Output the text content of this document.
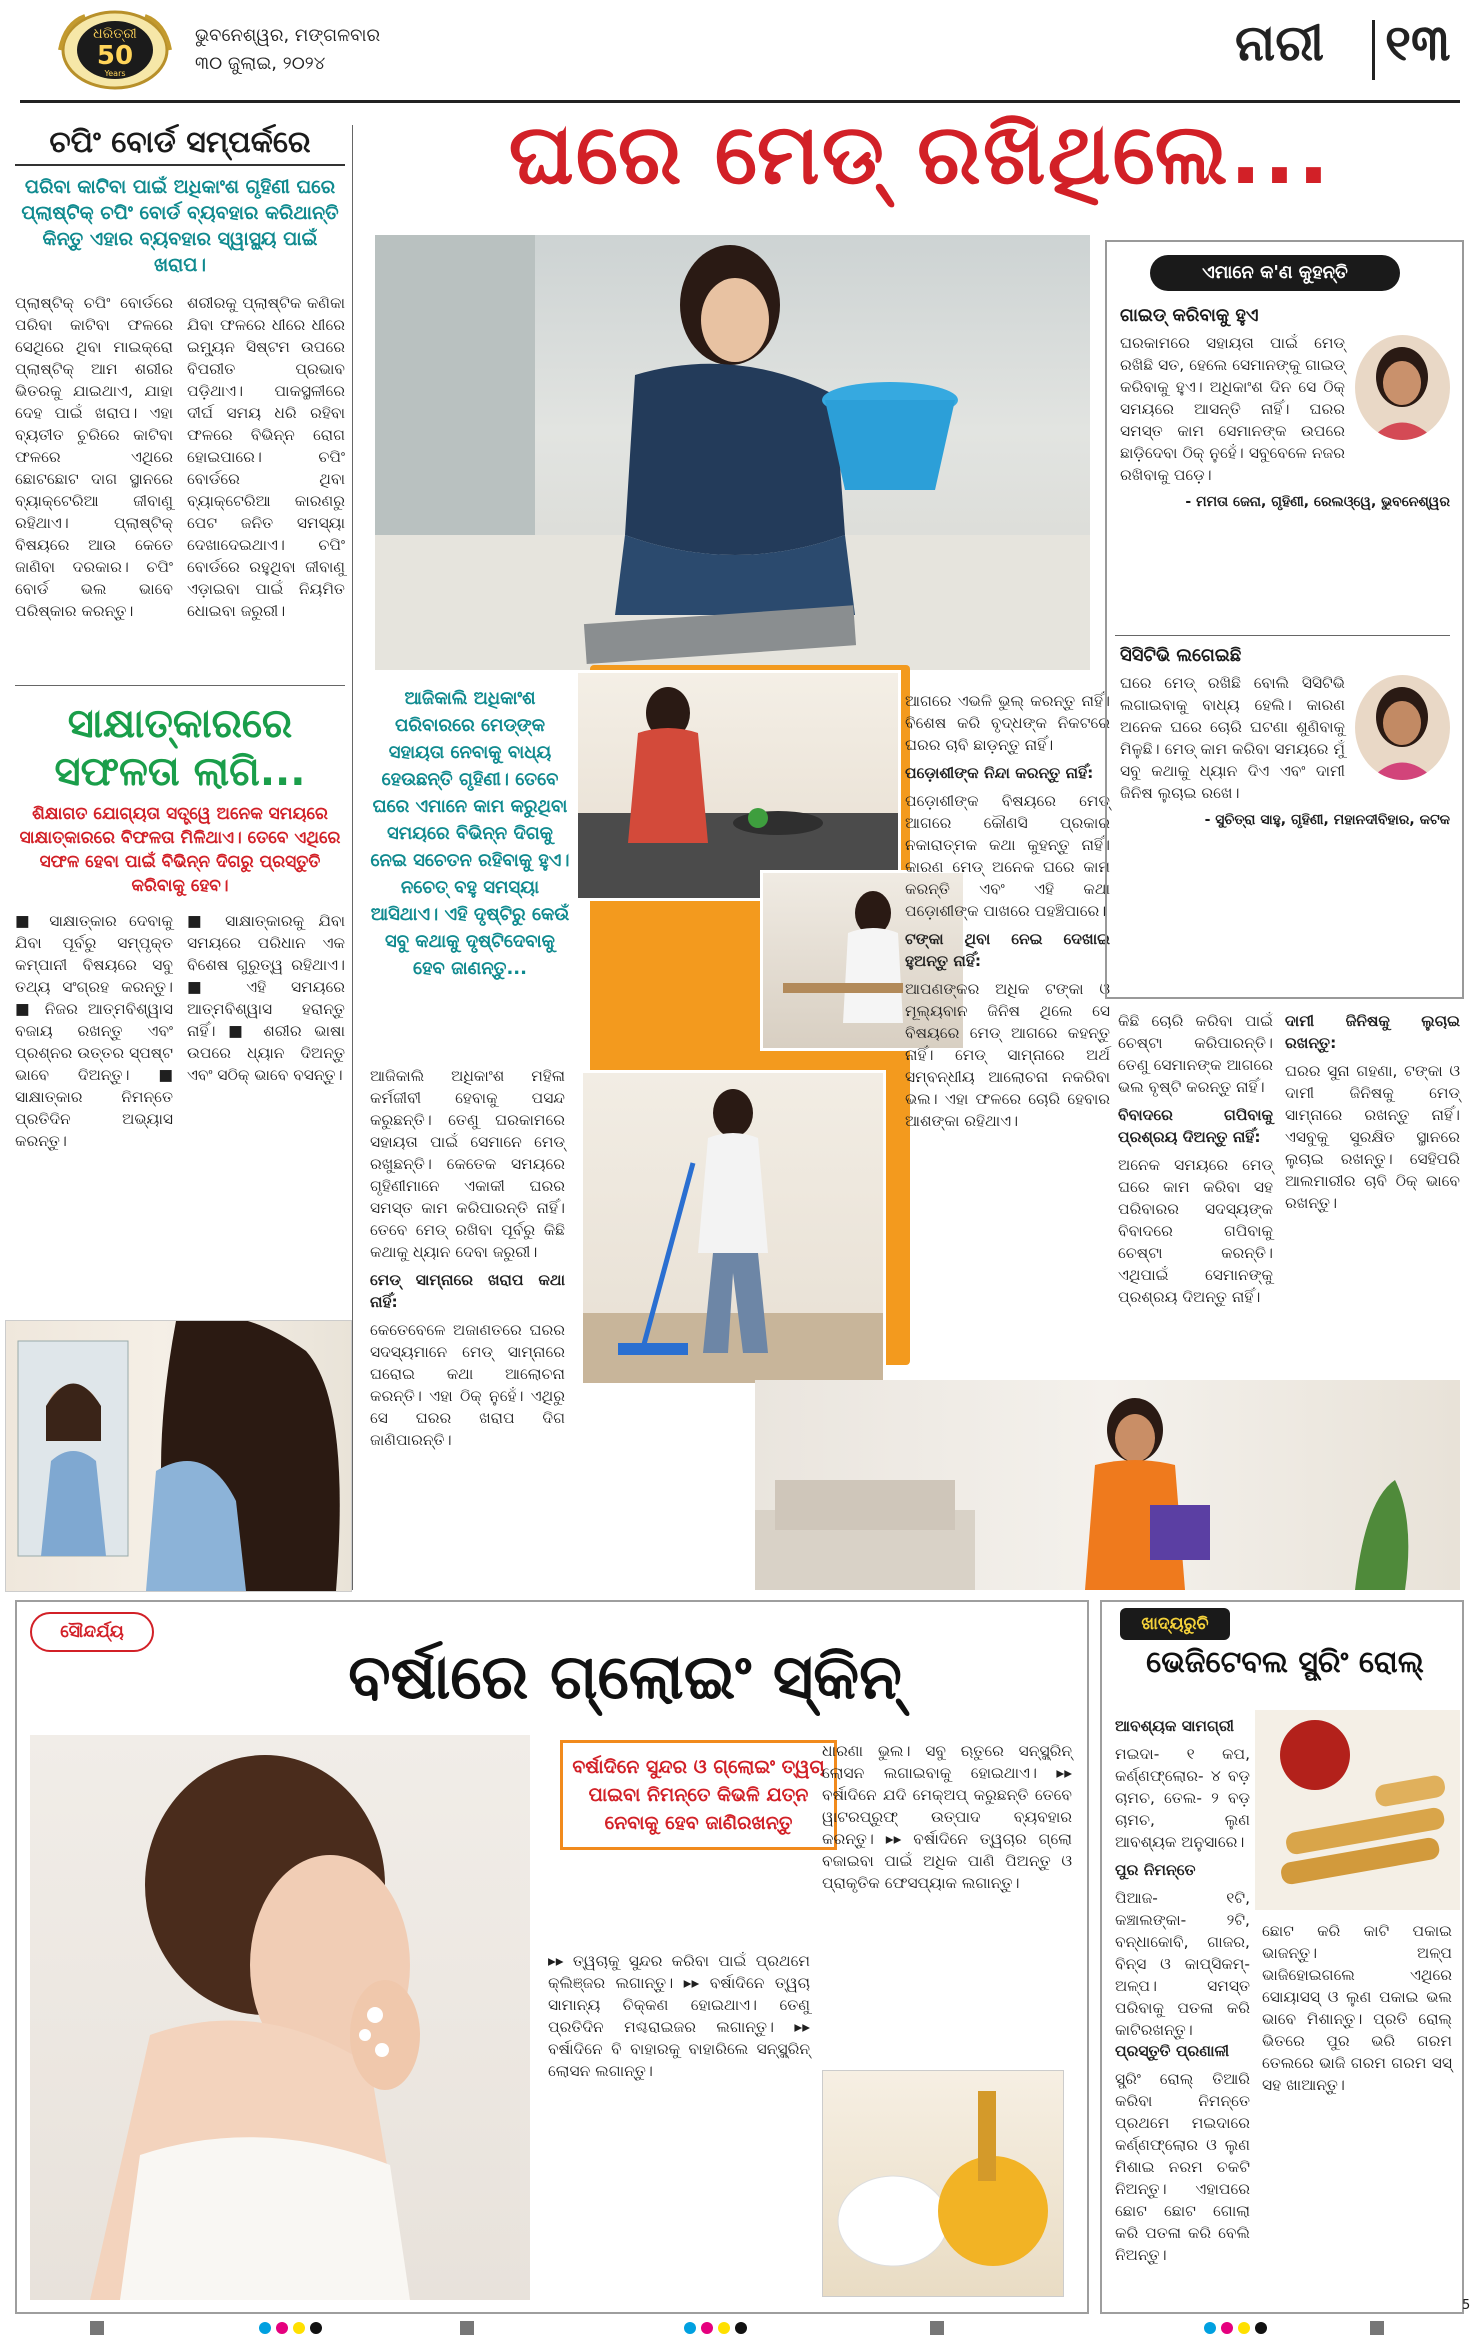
ଧରିତ୍ରୀ
50
Years
ଭୁବନେଶ୍ୱର, ମଙ୍ଗଳବାର
୩୦ ଜୁଲାଇ, ୨୦୨୪	ନାରୀ ୧୩
ଚପିଂ ବୋର୍ଡ ସମ୍ପର୍କରେ
ପରିବା କାଟିବା ପାଇଁ ଅଧିକାଂଶ ଗୃହିଣୀ ଘରେ ପ୍ଲାଷ୍ଟିକ୍ ଚପିଂ ବୋର୍ଡ ବ୍ୟବହାର କରିଥାନ୍ତି କିନ୍ତୁ ଏହାର ବ୍ୟବହାର ସ୍ୱାସ୍ଥ୍ୟ ପାଇଁ ଖରାପ।
ପ୍ଲାଷ୍ଟିକ୍ ଚପିଂ ବୋର୍ଡରେ ପରିବା କାଟିବା ଫଳରେ ସେଥିରେ ଥିବା ମାଇକ୍ରୋ ପ୍ଲାଷ୍ଟିକ୍ ଆମ ଶରୀର ଭିତରକୁ ଯାଇଥାଏ, ଯାହା ଦେହ ପାଇଁ ଖରାପ। ଏହା ବ୍ୟତୀତ ଚୁରିରେ କାଟିବା ଫଳରେ ଏଥିରେ ଛୋଟଛୋଟ ଦାଗ ସ୍ଥାନରେ ବ୍ୟାକ୍ଟେରିଆ ଜୀବାଣୁ ରହିଥାଏ। ପ୍ଲାଷ୍ଟିକ୍ ବିଷୟରେ ଆଉ କେତେ ଜାଣିବା ଦରକାର। ଚପିଂ ବୋର୍ଡ ଭଲ ଭାବେ ପରିଷ୍କାର କରନ୍ତୁ।
ଶରୀରକୁ ପ୍ଲାଷ୍ଟିକ କଣିକା ଯିବା ଫଳରେ ଧୀରେ ଧୀରେ ଇମ୍ୟୁନ ସିଷ୍ଟମ ଉପରେ ବିପରୀତ ପ୍ରଭାବ ପଡ଼ିଥାଏ। ପାକସ୍ଥଳୀରେ ଦୀର୍ଘ ସମୟ ଧରି ରହିବା ଫଳରେ ବିଭିନ୍ନ ରୋଗ ହୋଇପାରେ। ଚପିଂ ବୋର୍ଡରେ ଥିବା ବ୍ୟାକ୍ଟେରିଆ କାରଣରୁ ପେଟ ଜନିତ ସମସ୍ୟା ଦେଖାଦେଇଥାଏ। ଚପିଂ ବୋର୍ଡରେ ରହୁଥିବା ଜୀବାଣୁ ଏଡ଼ାଇବା ପାଇଁ ନିୟମିତ ଧୋଇବା ଜରୁରୀ।
ସାକ୍ଷାତ୍କାରରେ
ସଫଳତା ଲାଗି...
ଶିକ୍ଷାଗତ ଯୋଗ୍ୟତା ସତ୍ତ୍ୱେ ଅନେକ ସମୟରେ ସାକ୍ଷାତ୍କାରରେ ବିଫଳତା ମିଳିଥାଏ। ତେବେ ଏଥିରେ ସଫଳ ହେବା ପାଇଁ ବିଭିନ୍ନ ଦିଗରୁ ପ୍ରସ୍ତୁତି କରିବାକୁ ହେବ।
■ ସାକ୍ଷାତ୍କାର ଦେବାକୁ ଯିବା ପୂର୍ବରୁ ସମ୍ପୃକ୍ତ କମ୍ପାନୀ ବିଷୟରେ ସବୁ ତଥ୍ୟ ସଂଗ୍ରହ କରନ୍ତୁ। ■ ନିଜର ଆତ୍ମବିଶ୍ୱାସ ବଜାୟ ରଖନ୍ତୁ ଏବଂ ପ୍ରଶ୍ନର ଉତ୍ତର ସ୍ପଷ୍ଟ ଭାବେ ଦିଅନ୍ତୁ। ■ ସାକ୍ଷାତ୍କାର ନିମନ୍ତେ ପ୍ରତିଦିନ ଅଭ୍ୟାସ କରନ୍ତୁ।
■ ସାକ୍ଷାତ୍କାରକୁ ଯିବା ସମୟରେ ପରିଧାନ ଏକ ବିଶେଷ ଗୁରୁତ୍ୱ ରହିଥାଏ। ■ ଏହି ସମୟରେ ଆତ୍ମବିଶ୍ୱାସ ହରାନ୍ତୁ ନାହିଁ। ■ ଶରୀର ଭାଷା ଉପରେ ଧ୍ୟାନ ଦିଅନ୍ତୁ ଏବଂ ସଠିକ୍ ଭାବେ ବସନ୍ତୁ।
ଘରେ ମେଡ୍ ରଖିଥିଲେ...
ଆଜିକାଲି ଅଧିକାଂଶ ପରିବାରରେ ମେଡ୍‌ଙ୍କ ସହାୟତା ନେବାକୁ ବାଧ୍ୟ ହେଉଛନ୍ତି ଗୃହିଣୀ। ତେବେ ଘରେ ଏମାନେ କାମ କରୁଥିବା ସମୟରେ ବିଭିନ୍ନ ଦିଗକୁ ନେଇ ସଚେତନ ରହିବାକୁ ହୁଏ। ନଚେତ୍ ବହୁ ସମସ୍ୟା ଆସିଥାଏ। ଏହି ଦୃଷ୍ଟିରୁ କେଉଁ ସବୁ କଥାକୁ ଦୃଷ୍ଟିଦେବାକୁ ହେବ ଜାଣନ୍ତୁ...

ଆଜିକାଲି ଅଧିକାଂଶ ମହିଳା କର୍ମଜୀବୀ ହେବାକୁ ପସନ୍ଦ କରୁଛନ୍ତି। ତେଣୁ ଘରକାମରେ ସହାୟତା ପାଇଁ ସେମାନେ ମେଡ୍ ରଖୁଛନ୍ତି। କେତେକ ସମୟରେ ଗୃହିଣୀମାନେ ଏକାକୀ ଘରର ସମସ୍ତ କାମ କରିପାରନ୍ତି ନାହିଁ। ତେବେ ମେଡ୍ ରଖିବା ପୂର୍ବରୁ କିଛି କଥାକୁ ଧ୍ୟାନ ଦେବା ଜରୁରୀ।

ମେଡ୍ ସାମ୍ନାରେ ଖରାପ କଥା ନାହିଁ:

କେତେବେଳେ ଅଜାଣତରେ ଘରର ସଦସ୍ୟମାନେ ମେଡ୍ ସାମ୍ନାରେ ଘରୋଇ କଥା ଆଲୋଚନା କରନ୍ତି। ଏହା ଠିକ୍ ନୁହେଁ। ଏଥିରୁ ସେ ଘରର ଖରାପ ଦିଗ ଜାଣିପାରନ୍ତି।

ଆଗରେ ଏଭଳି ଭୁଲ୍ କରନ୍ତୁ ନାହିଁ। ବିଶେଷ କରି ବୃଦ୍ଧଙ୍କ ନିକଟରେ ଘରର ଚାବି ଛାଡ଼ନ୍ତୁ ନାହିଁ।

ପଡ଼ୋଶୀଙ୍କ ନିନ୍ଦା କରନ୍ତୁ ନାହିଁ:

ପଡ଼ୋଶୀଙ୍କ ବିଷୟରେ ମେଡ୍ ଆଗରେ କୌଣସି ପ୍ରକାର ନକାରାତ୍ମକ କଥା କୁହନ୍ତୁ ନାହିଁ। କାରଣ ମେଡ୍ ଅନେକ ଘରେ କାମ କରନ୍ତି ଏବଂ ଏହି କଥା ପଡ଼ୋଶୀଙ୍କ ପାଖରେ ପହଞ୍ଚିପାରେ।

ଟଙ୍କା ଥିବା ନେଇ ଦେଖାଇ ହୁଅନ୍ତୁ ନାହିଁ:

ଆପଣଙ୍କର ଅଧିକ ଟଙ୍କା ଓ ମୂଲ୍ୟବାନ ଜିନିଷ ଥିଲେ ସେ ବିଷୟରେ ମେଡ୍ ଆଗରେ କହନ୍ତୁ ନାହିଁ। ମେଡ୍ ସାମ୍ନାରେ ଅର୍ଥ ସମ୍ବନ୍ଧୀୟ ଆଲୋଚନା ନକରିବା ଭଲ। ଏହା ଫଳରେ ଚୋରି ହେବାର ଆଶଙ୍କା ରହିଥାଏ।

କିଛି ଚୋରି କରିବା ପାଇଁ ଚେଷ୍ଟା କରିପାରନ୍ତି। ତେଣୁ ସେମାନଙ୍କ ଆଗରେ ଭଲ ବୃଷ୍ଟି କରନ୍ତୁ ନାହିଁ।

ବିବାଦରେ ଗପିବାକୁ ପ୍ରଶ୍ରୟ ଦିଅନ୍ତୁ ନାହିଁ:

ଅନେକ ସମୟରେ ମେଡ୍ ଘରେ କାମ କରିବା ସହ ପରିବାରର ସଦସ୍ୟଙ୍କ ବିବାଦରେ ଗପିବାକୁ ଚେଷ୍ଟା କରନ୍ତି। ଏଥିପାଇଁ ସେମାନଙ୍କୁ ପ୍ରଶ୍ରୟ ଦିଅନ୍ତୁ ନାହିଁ।

ଦାମୀ ଜିନିଷକୁ ଲୁଚାଇ ରଖନ୍ତୁ:

ଘରର ସୁନା ଗହଣା, ଟଙ୍କା ଓ ଦାମୀ ଜିନିଷକୁ ମେଡ୍ ସାମ୍ନାରେ ରଖନ୍ତୁ ନାହିଁ। ଏସବୁକୁ ସୁରକ୍ଷିତ ସ୍ଥାନରେ ଲୁଚାଇ ରଖନ୍ତୁ। ସେହିପରି ଆଲମାରୀର ଚାବି ଠିକ୍ ଭାବେ ରଖନ୍ତୁ।

ଏମାନେ କ'ଣ କୁହନ୍ତି
ଗାଇଡ୍ କରିବାକୁ ହୁଏ
ଘରକାମରେ ସହାୟତା ପାଇଁ ମେଡ୍ ରଖିଛି ସତ, ହେଲେ ସେମାନଙ୍କୁ ଗାଇଡ୍ କରିବାକୁ ହୁଏ। ଅଧିକାଂଶ ଦିନ ସେ ଠିକ୍ ସମୟରେ ଆସନ୍ତି ନାହିଁ। ଘରର ସମସ୍ତ କାମ ସେମାନଙ୍କ ଉପରେ ଛାଡ଼ିଦେବା ଠିକ୍ ନୁହେଁ। ସବୁବେଳେ ନଜର ରଖିବାକୁ ପଡ଼େ।
- ମମତା ଜେନା, ଗୃହିଣୀ, ରେଲଓ୍ୱେ, ଭୁବନେଶ୍ୱର
ସିସିଟିଭି ଲଗେଇଛି
ଘରେ ମେଡ୍ ରଖିଛି ବୋଲି ସିସିଟିଭି ଲଗାଇବାକୁ ବାଧ୍ୟ ହେଲି। କାରଣ ଅନେକ ଘରେ ଚୋରି ଘଟଣା ଶୁଣିବାକୁ ମିଳୁଛି। ମେଡ୍ କାମ କରିବା ସମୟରେ ମୁଁ ସବୁ କଥାକୁ ଧ୍ୟାନ ଦିଏ ଏବଂ ଦାମୀ ଜିନିଷ ଲୁଚାଇ ରଖେ।
- ସୁଚିତ୍ରା ସାହୁ, ଗୃହିଣୀ, ମହାନଦୀବିହାର, କଟକ
ସୌନ୍ଦର୍ଯ୍ୟ
ବର୍ଷାରେ ଗ୍ଲୋଇଂ ସ୍କିନ୍
ବର୍ଷାଦିନେ ସୁନ୍ଦର ଓ ଗ୍ଲୋଇଂ ତ୍ୱଚା ପାଇବା ନିମନ୍ତେ କିଭଳି ଯତ୍ନ ନେବାକୁ ହେବ ଜାଣିରଖନ୍ତୁ
▸▸ ତ୍ୱଚାକୁ ସୁନ୍ଦର କରିବା ପାଇଁ ପ୍ରଥମେ କ୍ଲିଞ୍ଜର ଲଗାନ୍ତୁ। ▸▸ ବର୍ଷାଦିନେ ତ୍ୱଚା ସାମାନ୍ୟ ଚିକ୍କଣ ହୋଇଥାଏ। ତେଣୁ ପ୍ରତିଦିନ ମଶ୍ଚରାଇଜର ଲଗାନ୍ତୁ। ▸▸ ବର୍ଷାଦିନେ ବି ବାହାରକୁ ବାହାରିଲେ ସନ୍‌ସ୍କ୍ରିନ୍ ଲୋସନ ଲଗାନ୍ତୁ।
ଧାରଣା ଭୁଲ। ସବୁ ଋତୁରେ ସନ୍‌ସ୍କ୍ରିନ୍ ଲୋସନ ଲଗାଇବାକୁ ହୋଇଥାଏ। ▸▸ ବର୍ଷାଦିନେ ଯଦି ମେକ୍‌ଅପ୍ କରୁଛନ୍ତି ତେବେ ୱାଟରପ୍ରୁଫ୍ ଉତ୍ପାଦ ବ୍ୟବହାର କରନ୍ତୁ। ▸▸ ବର୍ଷାଦିନେ ତ୍ୱଚାର ଗ୍ଲୋ ବଜାଇବା ପାଇଁ ଅଧିକ ପାଣି ପିଅନ୍ତୁ ଓ ପ୍ରାକୃତିକ ଫେସପ୍ୟାକ ଲଗାନ୍ତୁ।
ଖାଦ୍ୟରୁଚି
ଭେଜିଟେବଲ ସ୍ପ୍ରିଂ ରୋଲ୍

ଆବଶ୍ୟକ ସାମଗ୍ରୀ

ମଇଦା- ୧ କପ, କର୍ଣ୍ଣଫ୍ଲୋର- ୪ ବଡ଼ ଚାମଚ, ତେଲ- ୨ ବଡ଼ ଚାମଚ, ଲୁଣ ଆବଶ୍ୟକ ଅନୁସାରେ।

ପୁର ନିମନ୍ତେ

ପିଆଜ- ୧ଟି, କଞ୍ଚାଲଙ୍କା- ୨ଟି, ବନ୍ଧାକୋବି, ଗାଜର, ବିନ୍ସ ଓ କାପ୍ସିକମ୍- ଅଳ୍ପ। ସମସ୍ତ ପରିବାକୁ ପତଳା କରି କାଟିରଖନ୍ତୁ।

ପ୍ରସ୍ତୁତି ପ୍ରଣାଳୀ

ସ୍ପ୍ରିଂ ରୋଲ୍ ତିଆରି କରିବା ନିମନ୍ତେ ପ୍ରଥମେ ମଇଦାରେ କର୍ଣ୍ଣଫ୍ଲୋର ଓ ଲୁଣ ମିଶାଇ ନରମ ଚକଟି ନିଅନ୍ତୁ। ଏହାପରେ ଛୋଟ ଛୋଟ ଗୋଲା କରି ପତଳା କରି ବେଲି ନିଅନ୍ତୁ।

ଛୋଟ କରି କାଟି ପକାଇ ଭାଜନ୍ତୁ। ଅଳ୍ପ ଭାଜିହୋଇଗଲେ ଏଥିରେ ସୋୟାସସ୍ ଓ ଲୁଣ ପକାଇ ଭଲ ଭାବେ ମିଶାନ୍ତୁ। ପ୍ରତି ରୋଲ୍ ଭିତରେ ପୁର ଭରି ଗରମ ତେଲରେ ଭାଜି ଗରମ ଗରମ ସସ୍ ସହ ଖାଆନ୍ତୁ।
5
